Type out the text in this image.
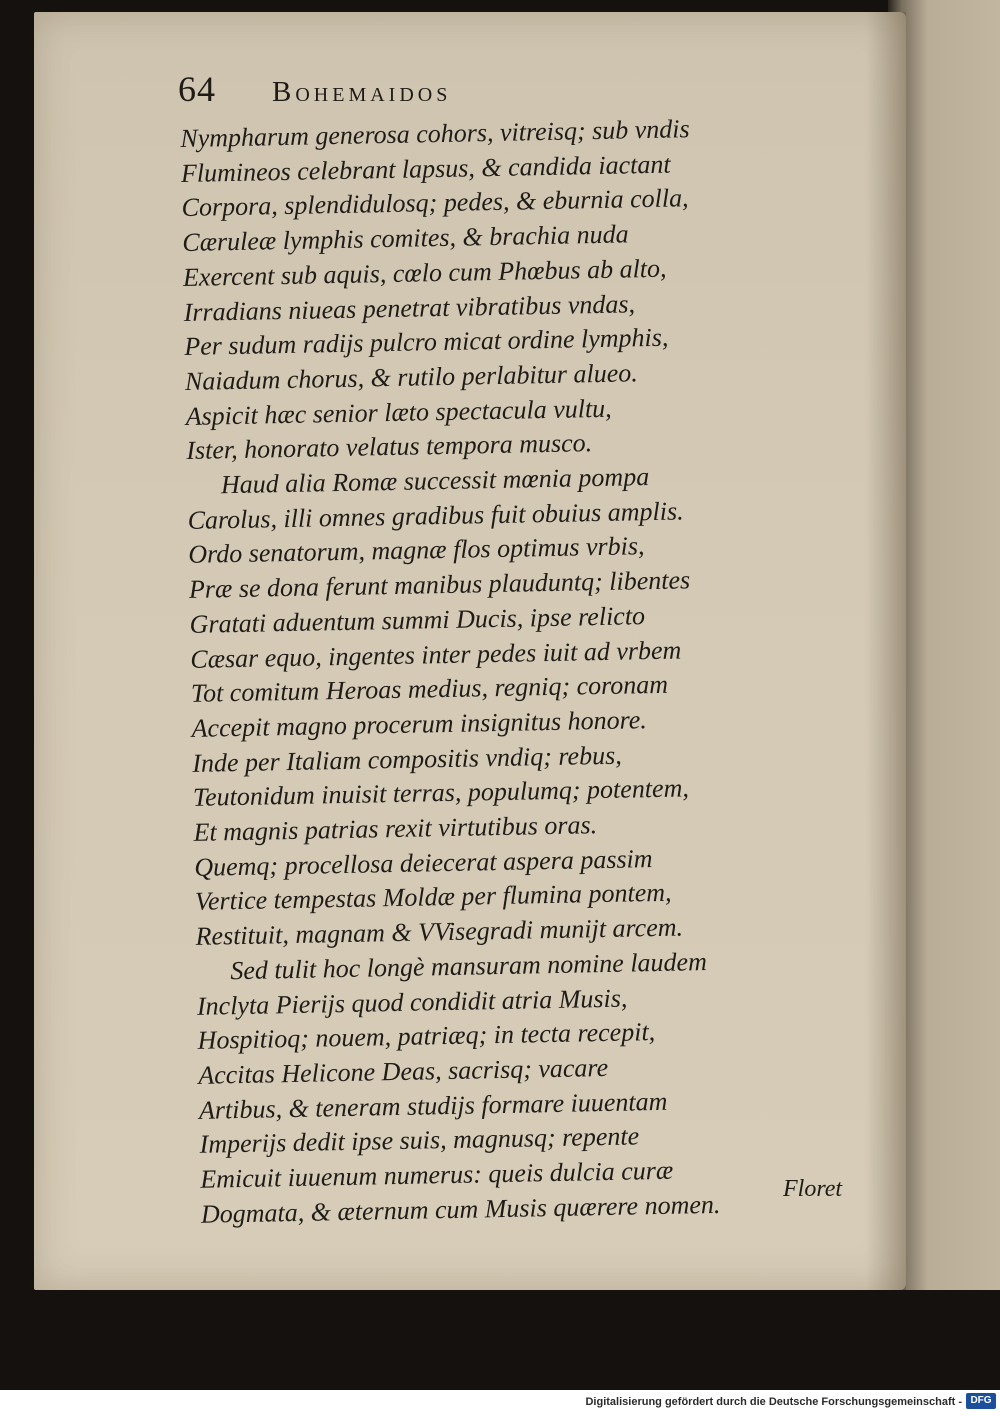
64 Bohemaidos
Nympharum generosa cohors, vitreisq; sub vndis
Flumineos celebrant lapsus, & candida iactant
Corpora, splendidulosq; pedes, & eburnia colla,
Cæruleæ lymphis comites, & brachia nuda
Exercent sub aquis, cœlo cum Phœbus ab alto,
Irradians niueas penetrat vibratibus vndas,
Per sudum radijs pulcro micat ordine lymphis,
Naiadum chorus, & rutilo perlabitur alueo.
Aspicit hæc senior læto spectacula vultu,
Ister, honorato velatus tempora musco.
Haud alia Romæ successit mœnia pompa
Carolus, illi omnes gradibus fuit obuius amplis.
Ordo senatorum, magnæ flos optimus vrbis,
Præ se dona ferunt manibus plauduntq; libentes
Gratati aduentum summi Ducis, ipse relicto
Cæsar equo, ingentes inter pedes iuit ad vrbem
Tot comitum Heroas medius, regniq; coronam
Accepit magno procerum insignitus honore.
Inde per Italiam compositis vndiq; rebus,
Teutonidum inuisit terras, populumq; potentem,
Et magnis patrias rexit virtutibus oras.
Quemq; procellosa deiecerat aspera passim
Vertice tempestas Moldæ per flumina pontem,
Restituit, magnam & VVisegradi munijt arcem.
Sed tulit hoc longè mansuram nomine laudem
Inclyta Pierijs quod condidit atria Musis,
Hospitioq; nouem, patriæq; in tecta recepit,
Accitas Helicone Deas, sacrisq; vacare
Artibus, & teneram studijs formare iuuentam
Imperijs dedit ipse suis, magnusq; repente
Emicuit iuuenum numerus: queis dulcia curæ
Dogmata, & æternum cum Musis quærere nomen.
Floret
Digitalisierung gefördert durch die Deutsche Forschungsgemeinschaft - DFG
